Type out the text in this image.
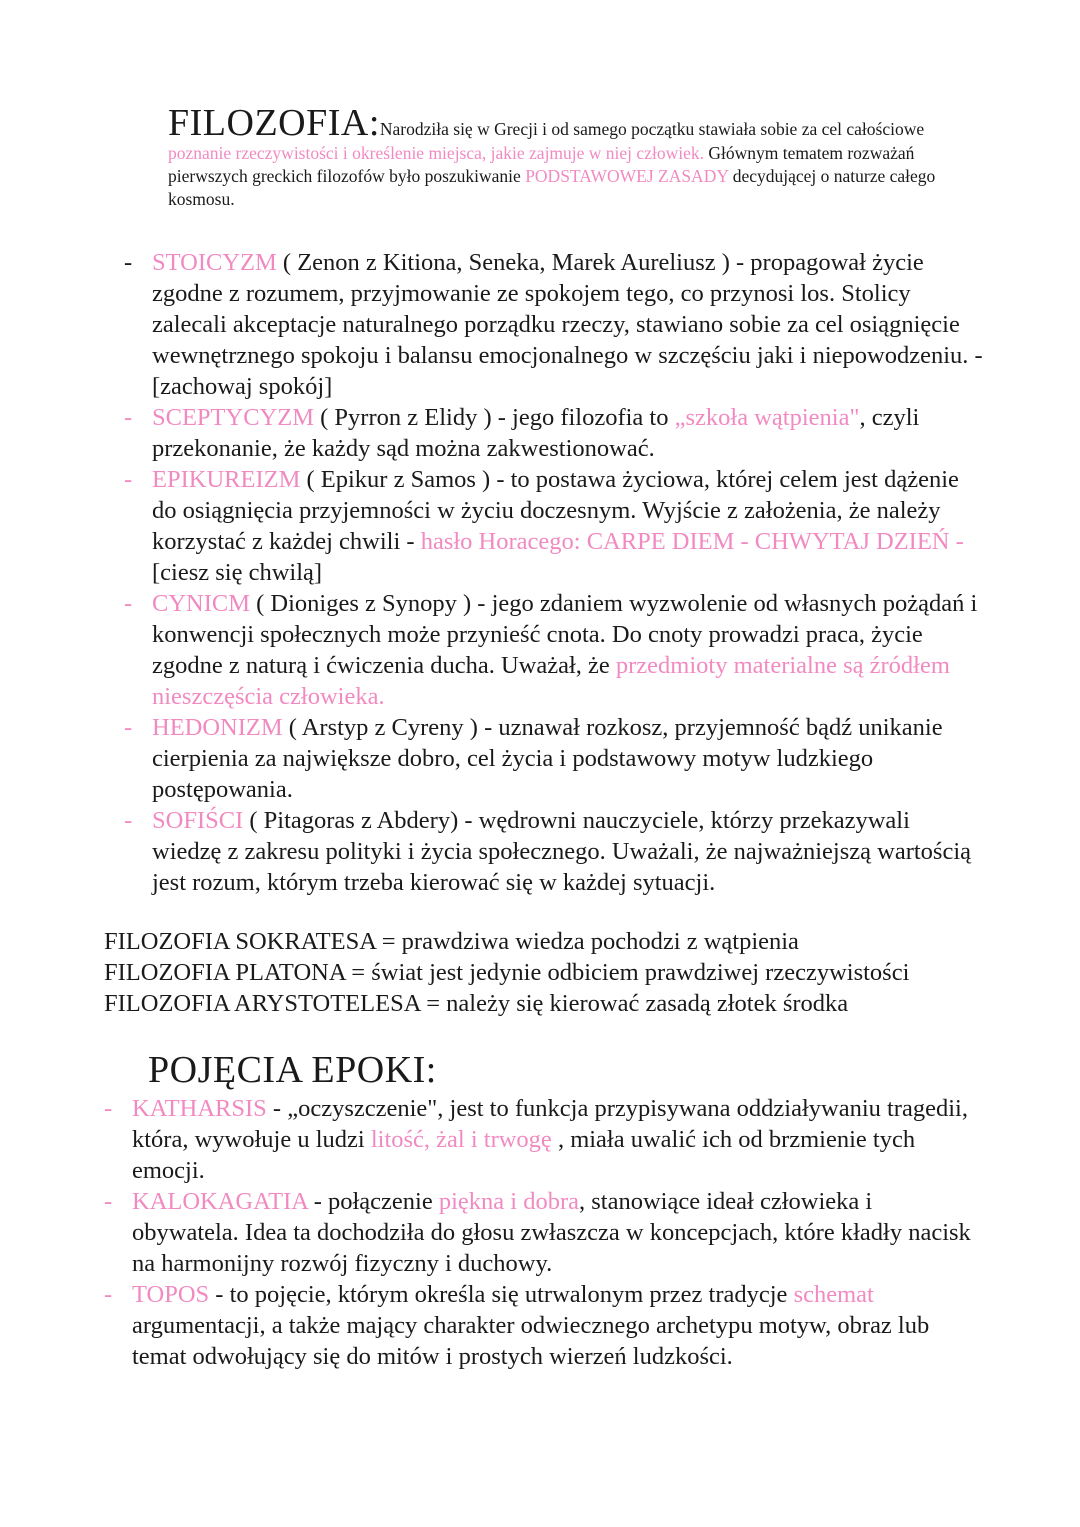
FILOZOFIA:Narodziła się w Grecji i od samego początku stawiała sobie za cel całościowe poznanie rzeczywistości i określenie miejsca, jakie zajmuje w niej człowiek. Głównym tematem rozważań pierwszych greckich filozofów było poszukiwanie PODSTAWOWEJ ZASADY decydującej o naturze całego kosmosu.
- STOICYZM ( Zenon z Kitiona, Seneka, Marek Aureliusz ) - propagował życie zgodne z rozumem, przyjmowanie ze spokojem tego, co przynosi los. Stolicy zalecali akceptacje naturalnego porządku rzeczy, stawiano sobie za cel osiągnięcie wewnętrznego spokoju i balansu emocjonalnego w szczęściu jaki i niepowodzeniu. - [zachowaj spokój]
- SCEPTYCYZM ( Pyrron z Elidy ) - jego filozofia to „szkoła wątpienia", czyli przekonanie, że każdy sąd można zakwestionować.
- EPIKUREIZM ( Epikur z Samos ) - to postawa życiowa, której celem jest dążenie do osiągnięcia przyjemności w życiu doczesnym. Wyjście z założenia, że należy korzystać z każdej chwili - hasło Horacego: CARPE DIEM - CHWYTAJ DZIEŃ - [ciesz się chwilą]
- CYNICM ( Dioniges z Synopy ) - jego zdaniem wyzwolenie od własnych pożądań i konwencji społecznych może przynieść cnota. Do cnoty prowadzi praca, życie zgodne z naturą i ćwiczenia ducha. Uważał, że przedmioty materialne są źródłem nieszczęścia człowieka.
- HEDONIZM ( Arstyp z Cyreny ) - uznawał rozkosz, przyjemność bądź unikanie cierpienia za największe dobro, cel życia i podstawowy motyw ludzkiego postępowania.
- SOFIŚCI ( Pitagoras z Abdery) - wędrowni nauczyciele, którzy przekazywali wiedzę z zakresu polityki i życia społecznego. Uważali, że najważniejszą wartością jest rozum, którym trzeba kierować się w każdej sytuacji.
FILOZOFIA SOKRATESA = prawdziwa wiedza pochodzi z wątpienia
FILOZOFIA PLATONA = świat jest jedynie odbiciem prawdziwej rzeczywistości
FILOZOFIA ARYSTOTELESA = należy się kierować zasadą złotek środka
POJĘCIA EPOKI:
- KATHARSIS - „oczyszczenie", jest to funkcja przypisywana oddziaływaniu tragedii, która, wywołuje u ludzi litość, żal i trwogę , miała uwalić ich od brzmienie tych emocji.
- KALOKAGATIA - połączenie piękna i dobra, stanowiące ideał człowieka i obywatela. Idea ta dochodziła do głosu zwłaszcza w koncepcjach, które kładły nacisk na harmonijny rozwój fizyczny i duchowy.
- TOPOS - to pojęcie, którym określa się utrwalonym przez tradycje schemat argumentacji, a także mający charakter odwiecznego archetypu motyw, obraz lub temat odwołujący się do mitów i prostych wierzeń ludzkości.
